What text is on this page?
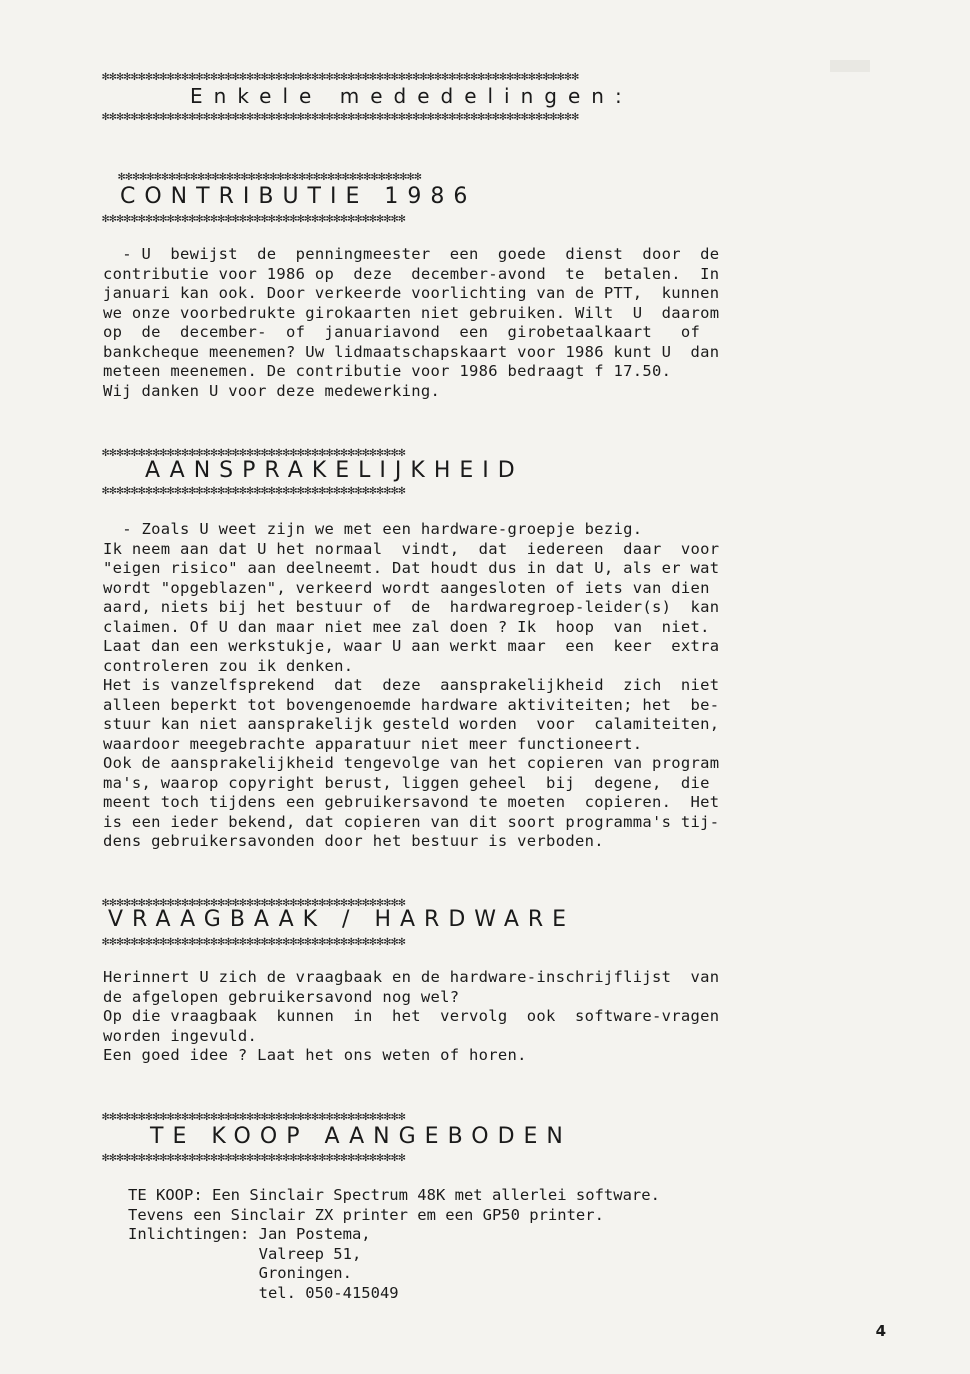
✻✻✻✻✻✻✻✻✻✻✻✻✻✻✻✻✻✻✻✻✻✻✻✻✻✻✻✻✻✻✻✻✻✻✻✻✻✻✻✻✻✻✻✻✻✻✻✻✻✻✻✻✻✻✻✻✻✻✻✻✻✻✻✻✻✻
Enkele mededelingen:
✻✻✻✻✻✻✻✻✻✻✻✻✻✻✻✻✻✻✻✻✻✻✻✻✻✻✻✻✻✻✻✻✻✻✻✻✻✻✻✻✻✻✻✻✻✻✻✻✻✻✻✻✻✻✻✻✻✻✻✻✻✻✻✻✻✻
✻✻✻✻✻✻✻✻✻✻✻✻✻✻✻✻✻✻✻✻✻✻✻✻✻✻✻✻✻✻✻✻✻✻✻✻✻✻✻✻✻✻
CONTRIBUTIE 1986
✻✻✻✻✻✻✻✻✻✻✻✻✻✻✻✻✻✻✻✻✻✻✻✻✻✻✻✻✻✻✻✻✻✻✻✻✻✻✻✻✻✻
- U  bewijst  de  penningmeester  een  goede  dienst  door  de
contributie voor 1986 op  deze  december-avond  te  betalen.  In
januari kan ook. Door verkeerde voorlichting van de PTT,  kunnen
we onze voorbedrukte girokaarten niet gebruiken. Wilt  U  daarom
op  de  december-  of  januariavond  een  girobetaalkaart   of
bankcheque meenemen? Uw lidmaatschapskaart voor 1986 kunt U  dan
meteen meenemen. De contributie voor 1986 bedraagt f 17.50.
Wij danken U voor deze medewerking.
✻✻✻✻✻✻✻✻✻✻✻✻✻✻✻✻✻✻✻✻✻✻✻✻✻✻✻✻✻✻✻✻✻✻✻✻✻✻✻✻✻✻
AANSPRAKELIJKHEID
✻✻✻✻✻✻✻✻✻✻✻✻✻✻✻✻✻✻✻✻✻✻✻✻✻✻✻✻✻✻✻✻✻✻✻✻✻✻✻✻✻✻
- Zoals U weet zijn we met een hardware-groepje bezig.
Ik neem aan dat U het normaal  vindt,  dat  iedereen  daar  voor
"eigen risico" aan deelneemt. Dat houdt dus in dat U, als er wat
wordt "opgeblazen", verkeerd wordt aangesloten of iets van dien
aard, niets bij het bestuur of  de  hardwaregroep-leider(s)  kan
claimen. Of U dan maar niet mee zal doen ? Ik  hoop  van  niet.
Laat dan een werkstukje, waar U aan werkt maar  een  keer  extra
controleren zou ik denken.
Het is vanzelfsprekend  dat  deze  aansprakelijkheid  zich  niet
alleen beperkt tot bovengenoemde hardware aktiviteiten; het  be-
stuur kan niet aansprakelijk gesteld worden  voor  calamiteiten,
waardoor meegebrachte apparatuur niet meer functioneert.
Ook de aansprakelijkheid tengevolge van het copieren van program
ma's, waarop copyright berust, liggen geheel  bij  degene,  die
meent toch tijdens een gebruikersavond te moeten  copieren.  Het
is een ieder bekend, dat copieren van dit soort programma's tij-
dens gebruikersavonden door het bestuur is verboden.
✻✻✻✻✻✻✻✻✻✻✻✻✻✻✻✻✻✻✻✻✻✻✻✻✻✻✻✻✻✻✻✻✻✻✻✻✻✻✻✻✻✻
VRAAGBAAK / HARDWARE
✻✻✻✻✻✻✻✻✻✻✻✻✻✻✻✻✻✻✻✻✻✻✻✻✻✻✻✻✻✻✻✻✻✻✻✻✻✻✻✻✻✻
Herinnert U zich de vraagbaak en de hardware-inschrijflijst  van
de afgelopen gebruikersavond nog wel?
Op die vraagbaak  kunnen  in  het  vervolg  ook  software-vragen
worden ingevuld.
Een goed idee ? Laat het ons weten of horen.
✻✻✻✻✻✻✻✻✻✻✻✻✻✻✻✻✻✻✻✻✻✻✻✻✻✻✻✻✻✻✻✻✻✻✻✻✻✻✻✻✻✻
TE KOOP AANGEBODEN
✻✻✻✻✻✻✻✻✻✻✻✻✻✻✻✻✻✻✻✻✻✻✻✻✻✻✻✻✻✻✻✻✻✻✻✻✻✻✻✻✻✻
TE KOOP: Een Sinclair Spectrum 48K met allerlei software.
Tevens een Sinclair ZX printer em een GP50 printer.
Inlichtingen: Jan Postema,
Valreep 51,
Groningen.
tel. 050-415049
4
